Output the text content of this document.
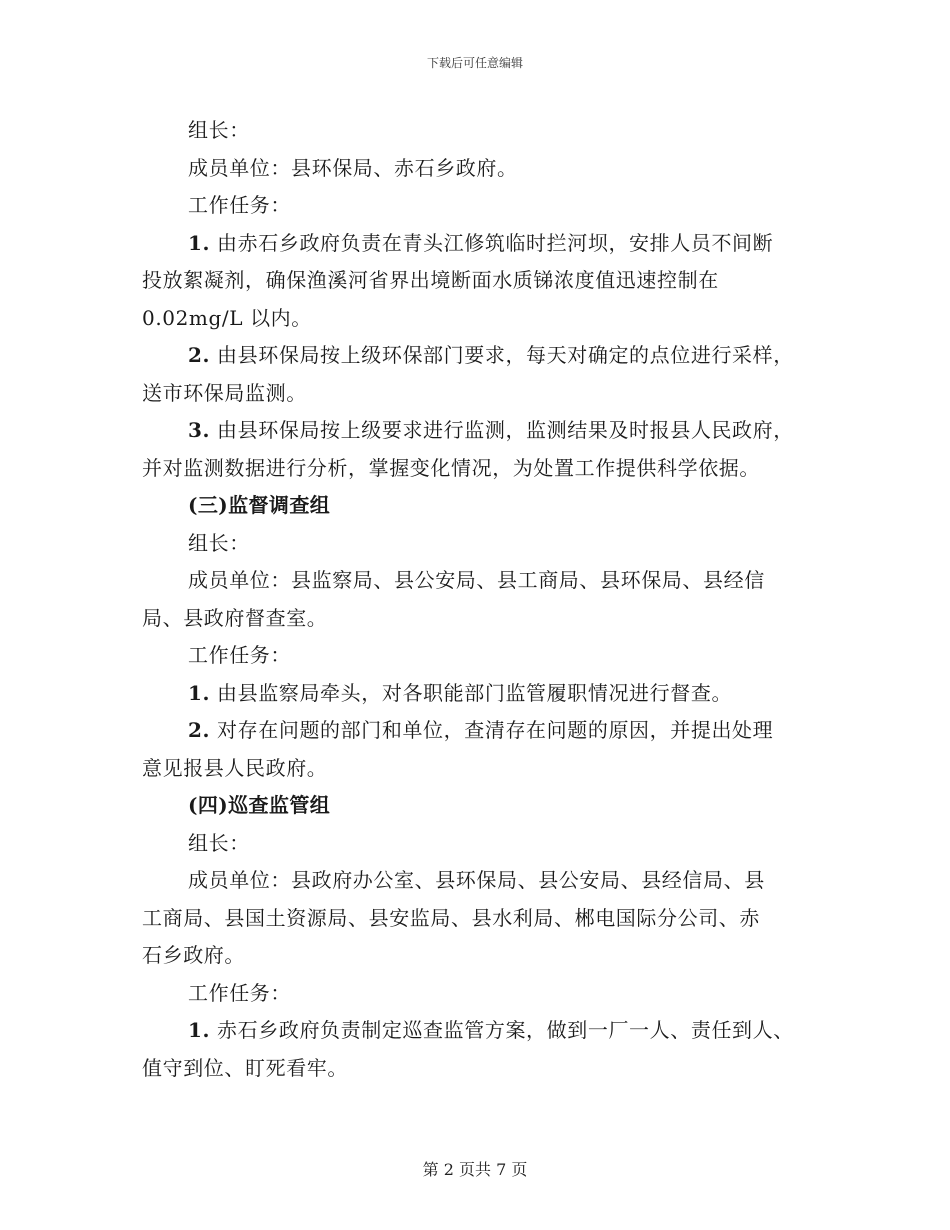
下载后可任意编辑
组长：
成员单位：县环保局、赤石乡政府。
工作任务：
1. 由赤石乡政府负责在青头江修筑临时拦河坝，安排人员不间断
投放絮凝剂，确保渔溪河省界出境断面水质锑浓度值迅速控制在
0.02mg/L 以内。
2. 由县环保局按上级环保部门要求，每天对确定的点位进行采样，
送市环保局监测。
3. 由县环保局按上级要求进行监测，监测结果及时报县人民政府，
并对监测数据进行分析，掌握变化情况，为处置工作提供科学依据。
(三)监督调查组
组长：
成员单位：县监察局、县公安局、县工商局、县环保局、县经信
局、县政府督查室。
工作任务：
1. 由县监察局牵头，对各职能部门监管履职情况进行督查。
2. 对存在问题的部门和单位，查清存在问题的原因，并提出处理
意见报县人民政府。
(四)巡查监管组
组长：
成员单位：县政府办公室、县环保局、县公安局、县经信局、县
工商局、县国土资源局、县安监局、县水利局、郴电国际分公司、赤
石乡政府。
工作任务：
1. 赤石乡政府负责制定巡查监管方案，做到一厂一人、责任到人、
值守到位、盯死看牢。
第 2 页共 7 页
